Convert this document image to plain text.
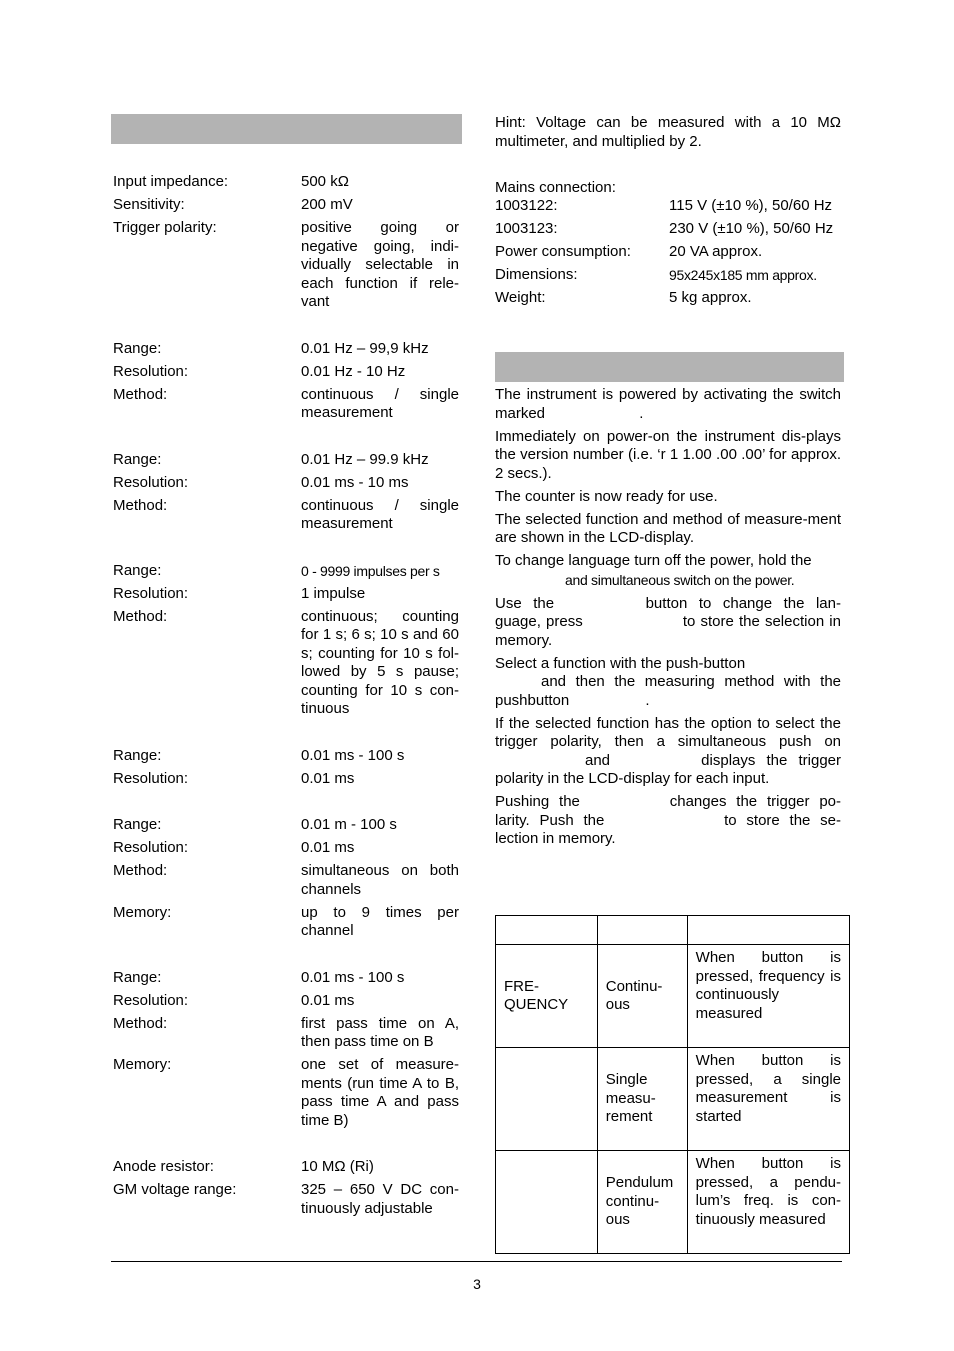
Input impedance:	500 kΩ
Sensitivity:	200 mV
Trigger polarity:	positive going or negative going, indi-vidually selectable in each function if rele-vant
Range:	0.01 Hz – 99,9 kHz
Resolution:	0.01 Hz - 10 Hz
Method:	continuous / single measurement
Range:	0.01 Hz – 99.9 kHz
Resolution:	0.01 ms - 10 ms
Method:	continuous / single measurement
Range:	0 - 9999 impulses per s
Resolution:	1 impulse
Method:	continuous; counting for 1 s; 6 s; 10 s and 60 s; counting for 10 s fol-lowed by 5 s pause; counting for 10 s con-tinuous
Range:	0.01 ms - 100 s
Resolution:	0.01 ms
Range:	0.01 m - 100 s
Resolution:	0.01 ms
Method:	simultaneous on both channels
Memory:	up to 9 times per channel
Range:	0.01 ms - 100 s
Resolution:	0.01 ms
Method:	first pass time on A, then pass time on B
Memory:	one set of measure-ments (run time A to B, pass time A and pass time B)
Anode resistor:	10 MΩ (Ri)
GM voltage range:	325 – 650 V DC con-tinuously adjustable
Hint: Voltage can be measured with a 10 MΩ multimeter, and multiplied by 2.
Mains connection:
1003122:	115 V (±10 %), 50/60 Hz
1003123:	230 V (±10 %), 50/60 Hz
Power consumption:	20 VA approx.
Dimensions:	95x245x185 mm approx.
Weight:	5 kg approx.
The instrument is powered by activating the switch marked	.
Immediately on power-on the instrument dis-plays the version number (i.e. ‘r 1 1.00 .00 .00’ for approx. 2 secs.).
The counter is now ready for use.
The selected function and method of measure-ment are shown in the LCD-display.
To change language turn off the power, hold the
and simultaneous switch on the power.
Use the	button to change the lan-guage, press	to store the selection in memory.
Select a function with the push-button
and then the measuring method with the pushbutton	.
If the selected function has the option to select the trigger polarity, then a simultaneous push on and	displays the trigger polarity in the LCD-display for each input.
Pushing the	changes the trigger po-larity. Push the	to store the se-lection in memory.

FRE-QUENCY	Continu-ous	When button is pressed, frequency is continuously measured
	Single measu-rement	When button is pressed, a single measurement is started
	Pendulum continu-ous	When button is pressed, a pendu-lum’s freq. is con-tinuously measured
3
